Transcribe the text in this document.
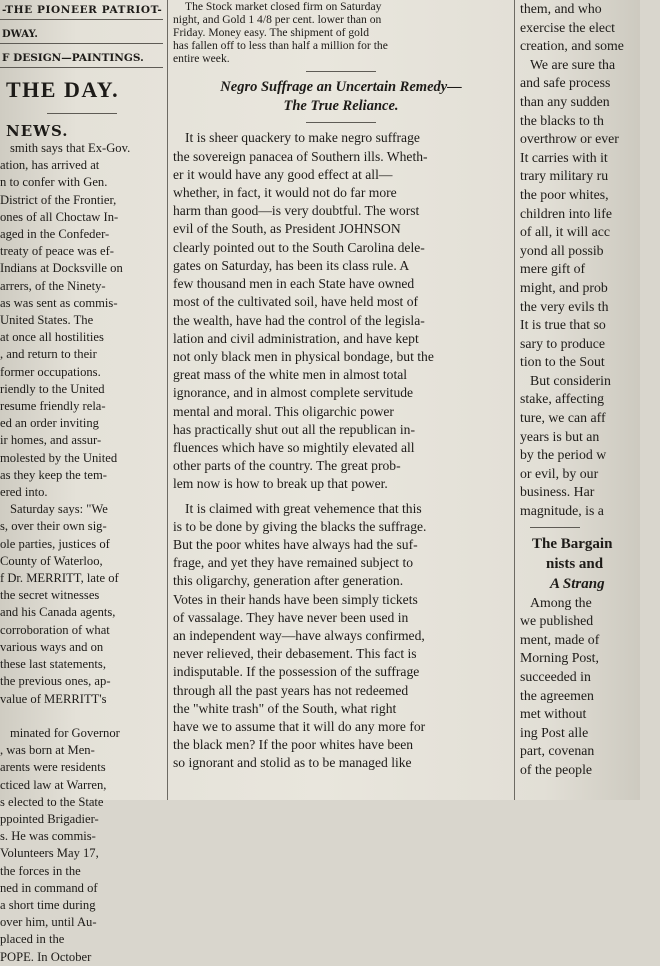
-THE PIONEER PATRIOT-
DWAY.
F DESIGN—PAINTINGS.
THE DAY.
NEWS.
smith says that Ex-Gov.
ation, has arrived at
n to confer with Gen.
District of the Frontier,
ones of all Choctaw In-
aged in the Confeder-
treaty of peace was ef-
Indians at Docksville on
arrers, of the Ninety-
as was sent as commis-
United States. The
at once all hostilities
, and return to their
former occupations.
riendly to the United
resume friendly rela-
ed an order inviting
ir homes, and assur-
molested by the United
as they keep the tem-
ered into.
Saturday says: "We
s, over their own sig-
ole parties, justices of
County of Waterloo,
f Dr. MERRITT, late of
the secret witnesses
and his Canada agents,
corroboration of what
various ways and on
these last statements,
the previous ones, ap-
value of MERRITT's

minated for Governor
, was born at Men-
arents were residents
cticed law at Warren,
s elected to the State
ppointed Brigadier-
s. He was commis-
Volunteers May 17,
the forces in the
ned in command of
a short time during
over him, until Au-
placed in the
POPE. In October
The Stock market closed firm on Saturday
night, and Gold 1 4/8 per cent. lower than on
Friday. Money easy. The shipment of gold
has fallen off to less than half a million for the
entire week.
Negro Suffrage an Uncertain Remedy—
The True Reliance.
It is sheer quackery to make negro suffrage
the sovereign panacea of Southern ills. Wheth-
er it would have any good effect at all—
whether, in fact, it would not do far more
harm than good—is very doubtful. The worst
evil of the South, as President JOHNSON
clearly pointed out to the South Carolina dele-
gates on Saturday, has been its class rule. A
few thousand men in each State have owned
most of the cultivated soil, have held most of
the wealth, have had the control of the legisla-
lation and civil administration, and have kept
not only black men in physical bondage, but the
great mass of the white men in almost total
ignorance, and in almost complete servitude
mental and moral. This oligarchic power
has practically shut out all the republican in-
fluences which have so mightily elevated all
other parts of the country. The great prob-
lem now is how to break up that power.
It is claimed with great vehemence that this
is to be done by giving the blacks the suffrage.
But the poor whites have always had the suf-
frage, and yet they have remained subject to
this oligarchy, generation after generation.
Votes in their hands have been simply tickets
of vassalage. They have never been used in
an independent way—have always confirmed,
never relieved, their debasement. This fact is
indisputable. If the possession of the suffrage
through all the past years has not redeemed
the "white trash" of the South, what right
have we to assume that it will do any more for
the black men? If the poor whites have been
so ignorant and stolid as to be managed like
them, and who
exercise the elect
creation, and some
We are sure tha
and safe process
than any sudden
the blacks to th
overthrow or ever
It carries with it
trary military ru
the poor whites,
children into life
of all, it will acc
yond all possib
mere gift of
might, and prob
the very evils th
It is true that so
sary to produce
tion to the Sout
But considerin
stake, affecting
ture, we can aff
years is but an
by the period w
or evil, by our
business. Har
magnitude, is a
The Bargain
nists and
A Strang
Among the
we published
ment, made of
Morning Post,
succeeded in
the agreemen
met without
ing Post alle
part, covenan
of the people
